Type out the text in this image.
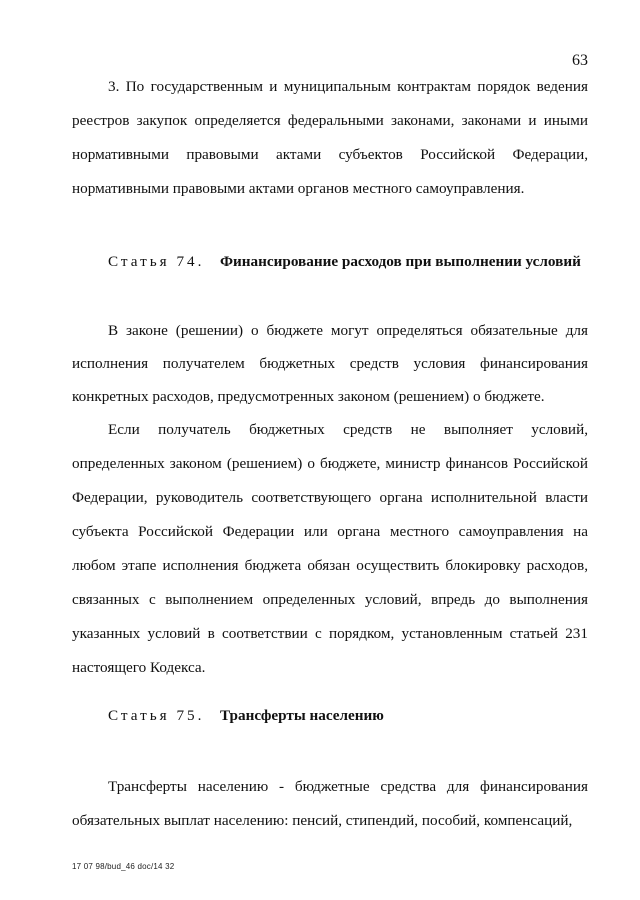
63

3. По государственным и муниципальным контрактам порядок ведения реестров закупок определяется федеральными законами, законами и иными нормативными правовыми актами субъектов Российской Федерации, нормативными правовыми актами органов местного самоуправления.

Статья 74. Финансирование расходов при выполнении условий

В законе (решении) о бюджете могут определяться обязательные для исполнения получателем бюджетных средств условия финансирования конкретных расходов, предусмотренных законом (решением) о бюджете.

Если получатель бюджетных средств не выполняет условий, определенных законом (решением) о бюджете, министр финансов Российской Федерации, руководитель соответствующего органа исполнительной власти субъекта Российской Федерации или органа местного самоуправления на любом этапе исполнения бюджета обязан осуществить блокировку расходов, связанных с выполнением определенных условий, впредь до выполнения указанных условий в соответствии с порядком, установленным статьей 231 настоящего Кодекса.

Статья 75. Трансферты населению

Трансферты населению - бюджетные средства для финансирования обязательных выплат населению: пенсий, стипендий, пособий, компенсаций,

17 07 98/bud_46 doc/14 32
